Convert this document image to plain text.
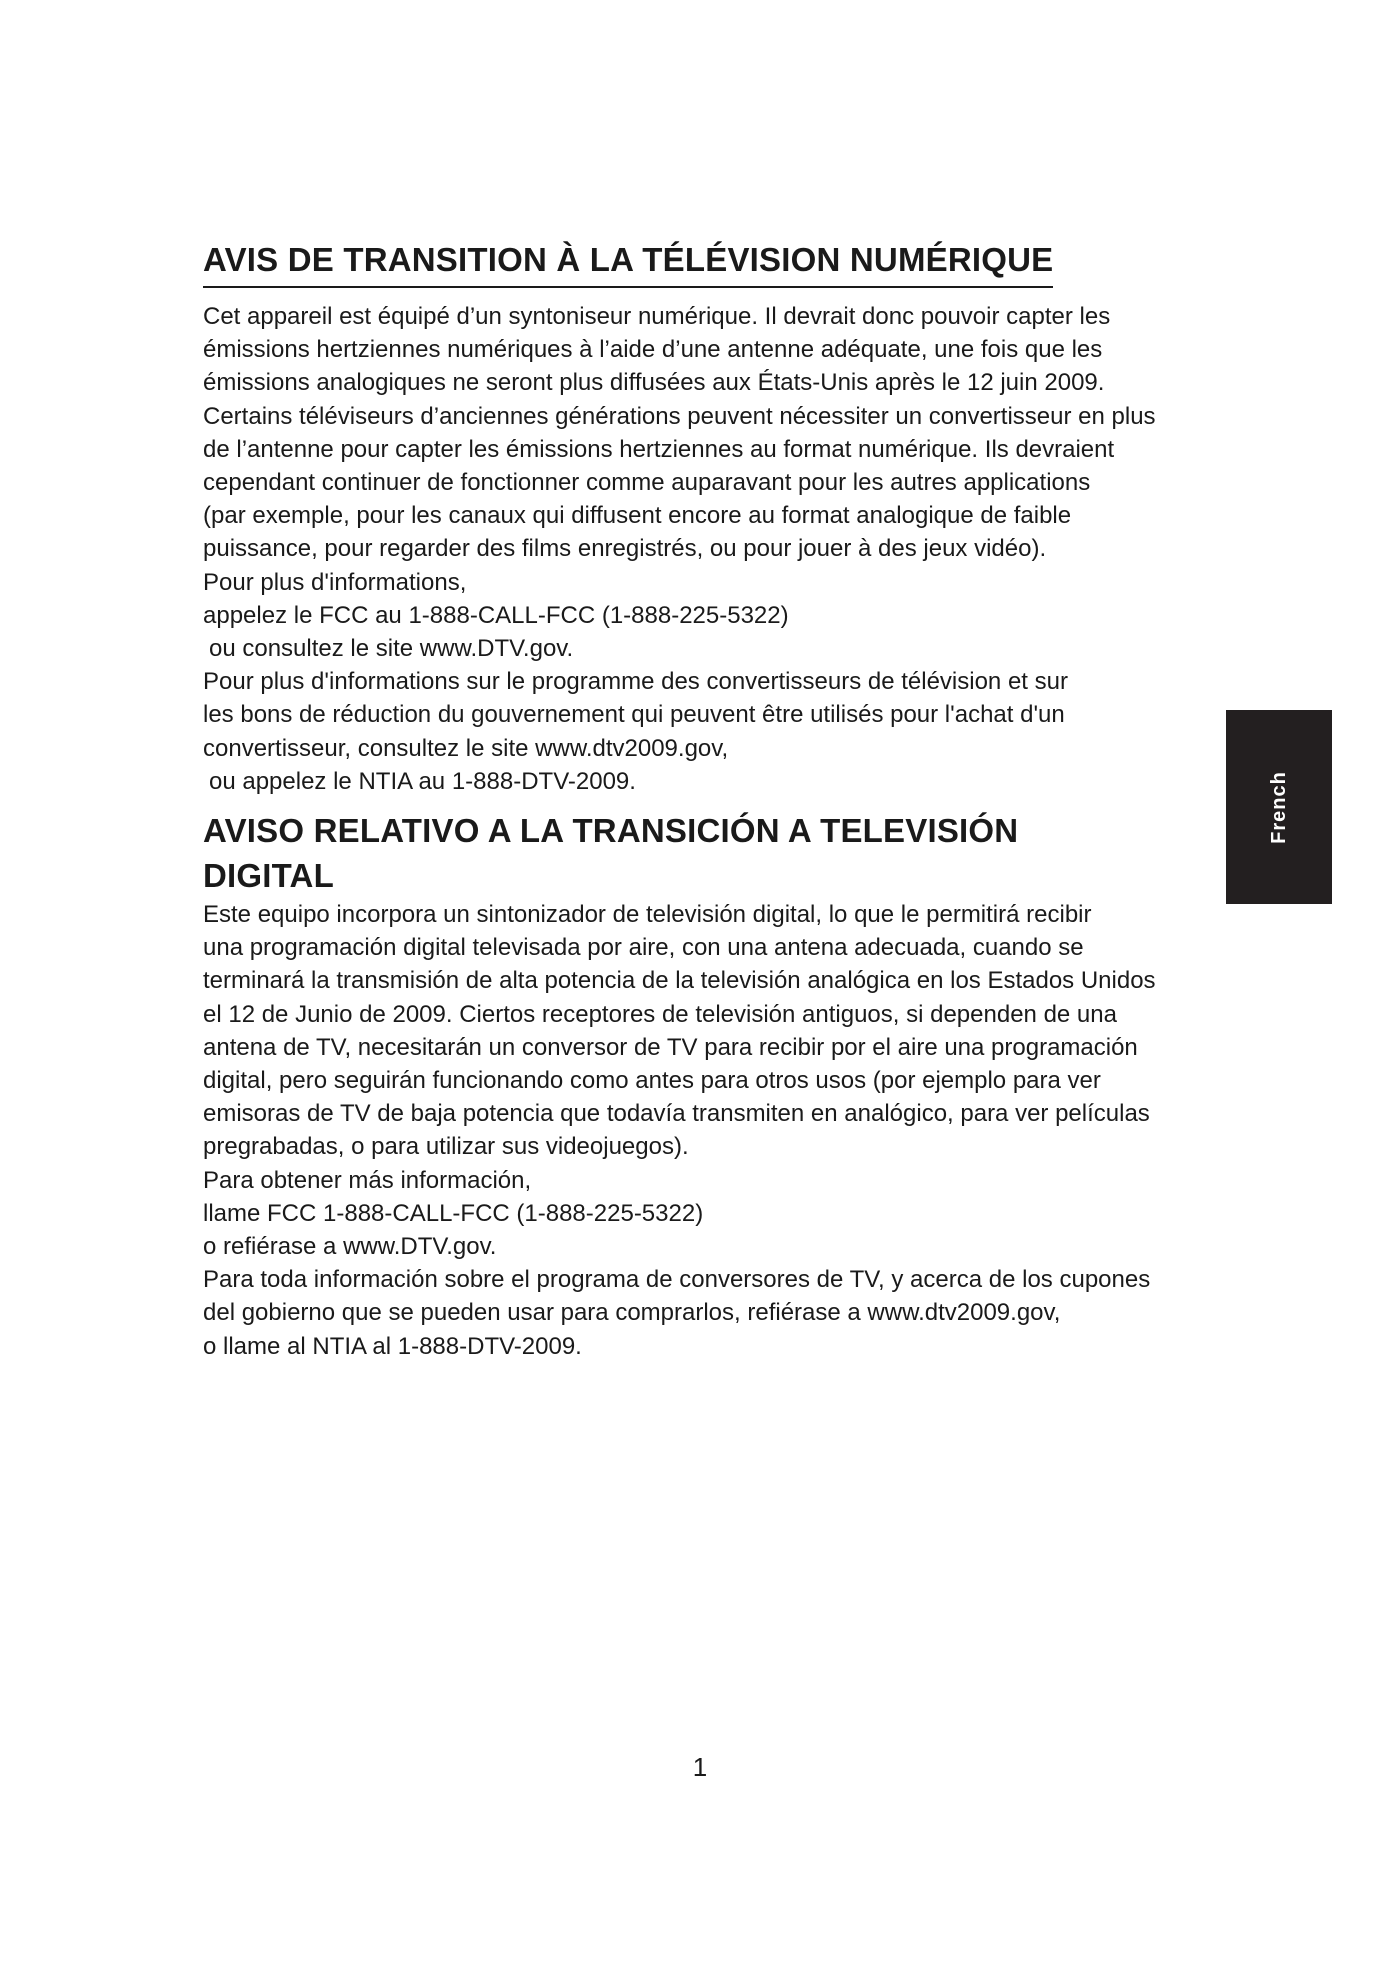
AVIS DE TRANSITION À LA TÉLÉVISION NUMÉRIQUE

Cet appareil est équipé d’un syntoniseur numérique. Il devrait donc pouvoir capter les

émissions hertziennes numériques à l’aide d’une antenne adéquate, une fois que les

émissions analogiques ne seront plus diffusées aux États-Unis après le 12 juin 2009.

Certains téléviseurs d’anciennes générations peuvent nécessiter un convertisseur en plus

de l’antenne pour capter les émissions hertziennes au format numérique. Ils devraient

cependant continuer de fonctionner comme auparavant pour les autres applications

(par exemple, pour les canaux qui diffusent encore au format analogique de faible

puissance, pour regarder des films enregistrés, ou pour jouer à des jeux vidéo).

Pour plus d'informations,

appelez le FCC au 1-888-CALL-FCC (1-888-225-5322)

ou consultez le site www.DTV.gov.

Pour plus d'informations sur le programme des convertisseurs de télévision et sur

les bons de réduction du gouvernement qui peuvent être utilisés pour l'achat d'un

convertisseur, consultez le site www.dtv2009.gov,

ou appelez le NTIA au 1-888-DTV-2009.

AVISO RELATIVO A LA TRANSICIÓN A TELEVISIÓN
DIGITAL

Este equipo incorpora un sintonizador de televisión digital, lo que le permitirá recibir

una programación digital televisada por aire, con una antena adecuada, cuando se

terminará la transmisión de alta potencia de la televisión analógica en los Estados Unidos

el 12 de Junio de 2009. Ciertos receptores de televisión antiguos, si dependen de una

antena de TV, necesitarán un conversor de TV para recibir por el aire una programación

digital, pero seguirán funcionando como antes para otros usos (por ejemplo para ver

emisoras de TV de baja potencia que todavía transmiten en analógico, para ver películas

pregrabadas, o para utilizar sus videojuegos).

Para obtener más información,

llame FCC 1-888-CALL-FCC (1-888-225-5322)

o refiérase a www.DTV.gov.

Para toda información sobre el programa de conversores de TV, y acerca de los cupones

del gobierno que se pueden usar para comprarlos, refiérase a www.dtv2009.gov,

o llame al NTIA al 1-888-DTV-2009.

French
1
